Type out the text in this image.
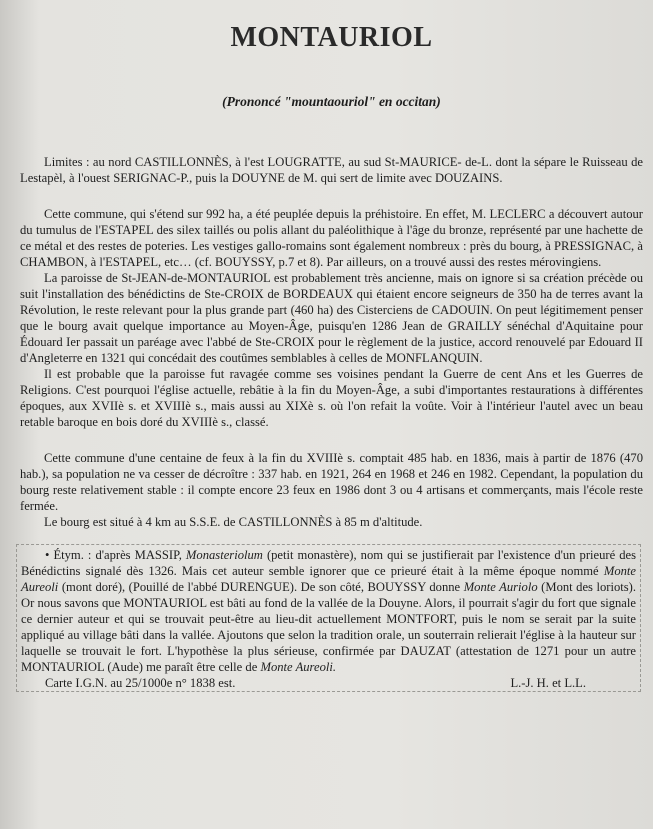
MONTAURIOL
(Prononcé "mountaouriol" en occitan)

Limites : au nord CASTILLONNÈS, à l'est LOUGRATTE, au sud St-MAURICE- de-L. dont la sépare le Ruisseau de Lestapèl, à l'ouest SERIGNAC-P., puis la DOUYNE de M. qui sert de limite avec DOUZAINS.

Cette commune, qui s'étend sur 992 ha, a été peuplée depuis la préhistoire. En effet, M. LECLERC a découvert autour du tumulus de l'ESTAPEL des silex taillés ou polis allant du paléolithique à l'âge du bronze, représenté par une hachette de ce métal et des restes de poteries. Les vestiges gallo-romains sont également nombreux : près du bourg, à PRESSIGNAC, à CHAMBON, à l'ESTAPEL, etc… (cf. BOUYSSY, p.7 et 8). Par ailleurs, on a trouvé aussi des restes mérovingiens.

La paroisse de St-JEAN-de-MONTAURIOL est probablement très ancienne, mais on ignore si sa création précède ou suit l'installation des bénédictins de Ste-CROIX de BORDEAUX qui étaient encore seigneurs de 350 ha de terres avant la Révolution, le reste relevant pour la plus grande part (460 ha) des Cisterciens de CADOUIN. On peut légitimement penser que le bourg avait quelque importance au Moyen-Âge, puisqu'en 1286 Jean de GRAILLY sénéchal d'Aquitaine pour Édouard Ier passait un paréage avec l'abbé de Ste-CROIX pour le règlement de la justice, accord renouvelé par Edouard II d'Angleterre en 1321 qui concédait des coutûmes semblables à celles de MONFLANQUIN.

Il est probable que la paroisse fut ravagée comme ses voisines pendant la Guerre de cent Ans et les Guerres de Religions. C'est pourquoi l'église actuelle, rebâtie à la fin du Moyen-Âge, a subi d'importantes restaurations à différentes époques, aux XVIIè s. et XVIIIè s., mais aussi au XIXè s. où l'on refait la voûte. Voir à l'intérieur l'autel avec un beau retable baroque en bois doré du XVIIIè s., classé.

Cette commune d'une centaine de feux à la fin du XVIIIè s. comptait 485 hab. en 1836, mais à partir de 1876 (470 hab.), sa population ne va cesser de décroître : 337 hab. en 1921, 264 en 1968 et 246 en 1982. Cependant, la population du bourg reste relativement stable : il compte encore 23 feux en 1986 dont 3 ou 4 artisans et commerçants, mais l'école reste fermée.

Le bourg est situé à 4 km au S.S.E. de CASTILLONNÈS à 85 m d'altitude.

• Étym. : d'après MASSIP, Monasteriolum (petit monastère), nom qui se justifierait par l'existence d'un prieuré des Bénédictins signalé dès 1326. Mais cet auteur semble ignorer que ce prieuré était à la même époque nommé Monte Aureoli (mont doré), (Pouillé de l'abbé DURENGUE). De son côté, BOUYSSY donne Monte Auriolo (Mont des loriots). Or nous savons que MONTAURIOL est bâti au fond de la vallée de la Douyne. Alors, il pourrait s'agir du fort que signale ce dernier auteur et qui se trouvait peut-être au lieu-dit actuellement MONTFORT, puis le nom se serait par la suite appliqué au village bâti dans la vallée. Ajoutons que selon la tradition orale, un souterrain relierait l'église à la hauteur sur laquelle se trouvait le fort. L'hypothèse la plus sérieuse, confirmée par DAUZAT (attestation de 1271 pour un autre MONTAURIOL (Aude) me paraît être celle de Monte Aureoli.

Carte I.G.N. au 25/1000e n° 1838 est.	L.-J. H. et L.L.
